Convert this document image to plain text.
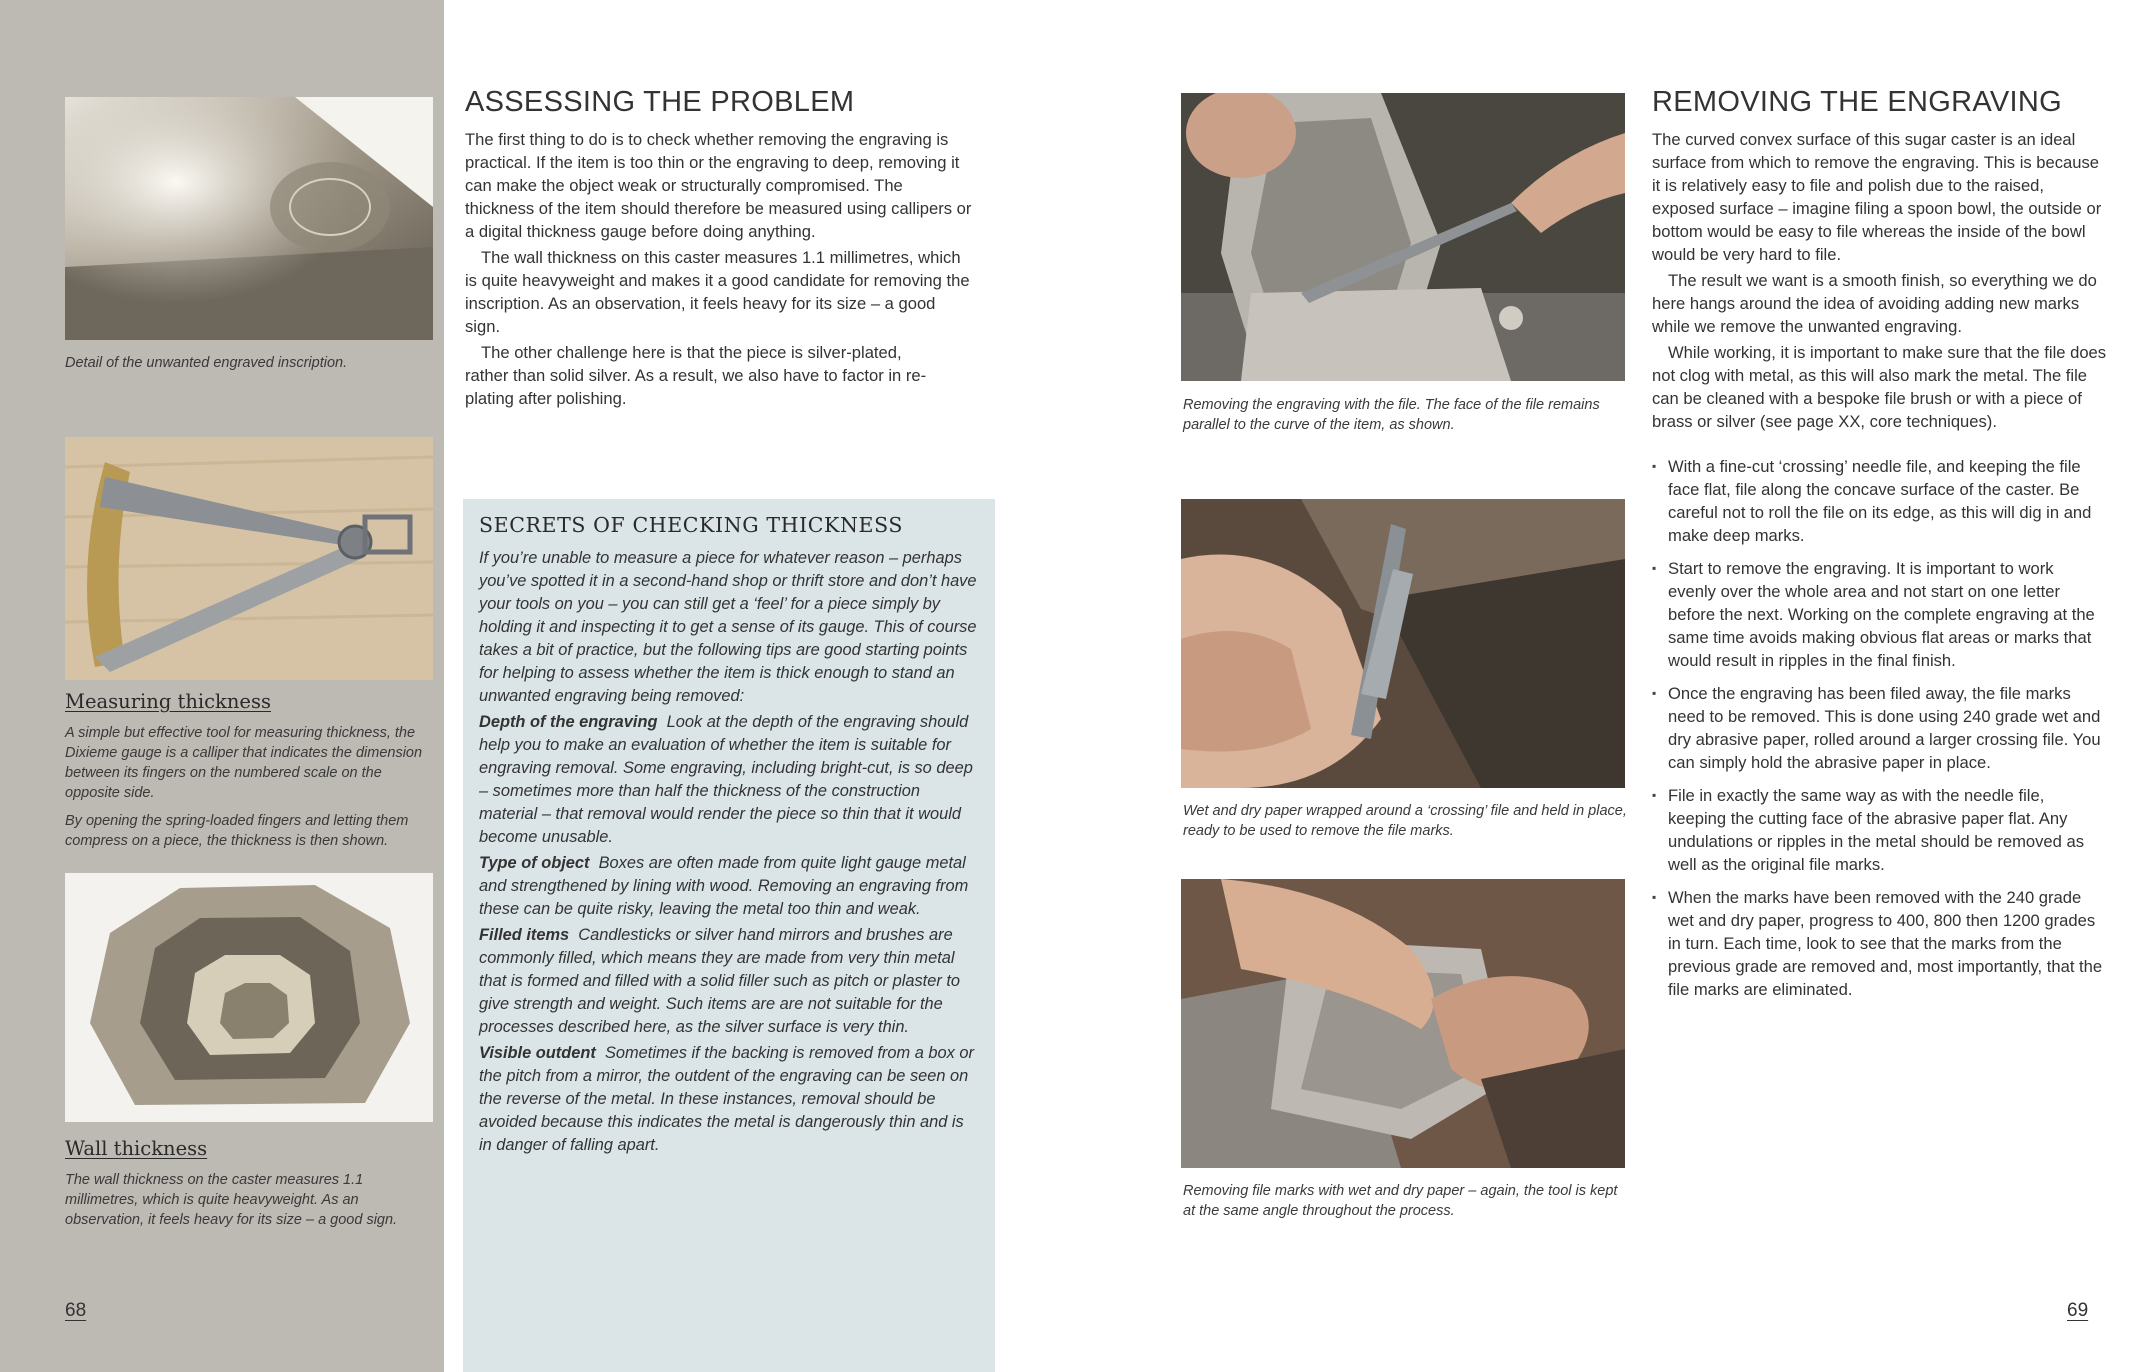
Detail of the unwanted engraved inscription.
Measuring thickness

A simple but effective tool for measuring thickness, the Dixieme gauge is a calliper that indicates the dimension between its fingers on the numbered scale on the opposite side.

By opening the spring-loaded fingers and letting them compress on a piece, the thickness is then shown.

Wall thickness
The wall thickness on the caster measures 1.1 millimetres, which is quite heavyweight. As an observation, it feels heavy for its size – a good sign.
68
ASSESSING THE PROBLEM

The first thing to do is to check whether removing the engraving is practical. If the item is too thin or the engraving to deep, removing it can make the object weak or structurally compromised. The thickness of the item should therefore be measured using callipers or a digital thickness gauge before doing anything.

The wall thickness on this caster measures 1.1 millimetres, which is quite heavyweight and makes it a good candidate for removing the inscription. As an observation, it feels heavy for its size – a good sign.

The other challenge here is that the piece is silver-plated, rather than solid silver. As a result, we also have to factor in re-plating after polishing.

SECRETS OF CHECKING THICKNESS

If you’re unable to measure a piece for whatever reason – perhaps you’ve spotted it in a second-hand shop or thrift store and don’t have your tools on you – you can still get a ‘feel’ for a piece simply by holding it and inspecting it to get a sense of its gauge. This of course takes a bit of practice, but the following tips are good starting points for helping to assess whether the item is thick enough to stand an unwanted engraving being removed:

Depth of the engraving Look at the depth of the engraving should help you to make an evaluation of whether the item is suitable for engraving removal. Some engraving, including bright-cut, is so deep – sometimes more than half the thickness of the construction material – that removal would render the piece so thin that it would become unusable.

Type of object Boxes are often made from quite light gauge metal and strengthened by lining with wood. Removing an engraving from these can be quite risky, leaving the metal too thin and weak.

Filled items Candlesticks or silver hand mirrors and brushes are commonly filled, which means they are made from very thin metal that is formed and filled with a solid filler such as pitch or plaster to give strength and weight. Such items are are not suitable for the processes described here, as the silver surface is very thin.

Visible outdent Sometimes if the backing is removed from a box or the pitch from a mirror, the outdent of the engraving can be seen on the reverse of the metal. In these instances, removal should be avoided because this indicates the metal is dangerously thin and is in danger of falling apart.

Removing the engraving with the file. The face of the file remains parallel to the curve of the item, as shown.
Wet and dry paper wrapped around a ‘crossing’ file and held in place, ready to be used to remove the file marks.
Removing file marks with wet and dry paper – again, the tool is kept at the same angle throughout the process.
REMOVING THE ENGRAVING

The curved convex surface of this sugar caster is an ideal surface from which to remove the engraving. This is because it is relatively easy to file and polish due to the raised, exposed surface – imagine filing a spoon bowl, the outside or bottom would be easy to file whereas the inside of the bowl would be very hard to file.

The result we want is a smooth finish, so everything we do here hangs around the idea of avoiding adding new marks while we remove the unwanted engraving.

While working, it is important to make sure that the file does not clog with metal, as this will also mark the metal. The file can be cleaned with a bespoke file brush or with a piece of brass or silver (see page XX, core techniques).

▪ With a fine-cut ‘crossing’ needle file, and keeping the file face flat, file along the concave surface of the caster. Be careful not to roll the file on its edge, as this will dig in and make deep marks.
▪ Start to remove the engraving. It is important to work evenly over the whole area and not start on one letter before the next. Working on the complete engraving at the same time avoids making obvious flat areas or marks that would result in ripples in the final finish.
▪ Once the engraving has been filed away, the file marks need to be removed. This is done using 240 grade wet and dry abrasive paper, rolled around a larger crossing file. You can simply hold the abrasive paper in place.
▪ File in exactly the same way as with the needle file, keeping the cutting face of the abrasive paper flat. Any undulations or ripples in the metal should be removed as well as the original file marks.
▪ When the marks have been removed with the 240 grade wet and dry paper, progress to 400, 800 then 1200 grades in turn. Each time, look to see that the marks from the previous grade are removed and, most importantly, that the file marks are eliminated.
69
